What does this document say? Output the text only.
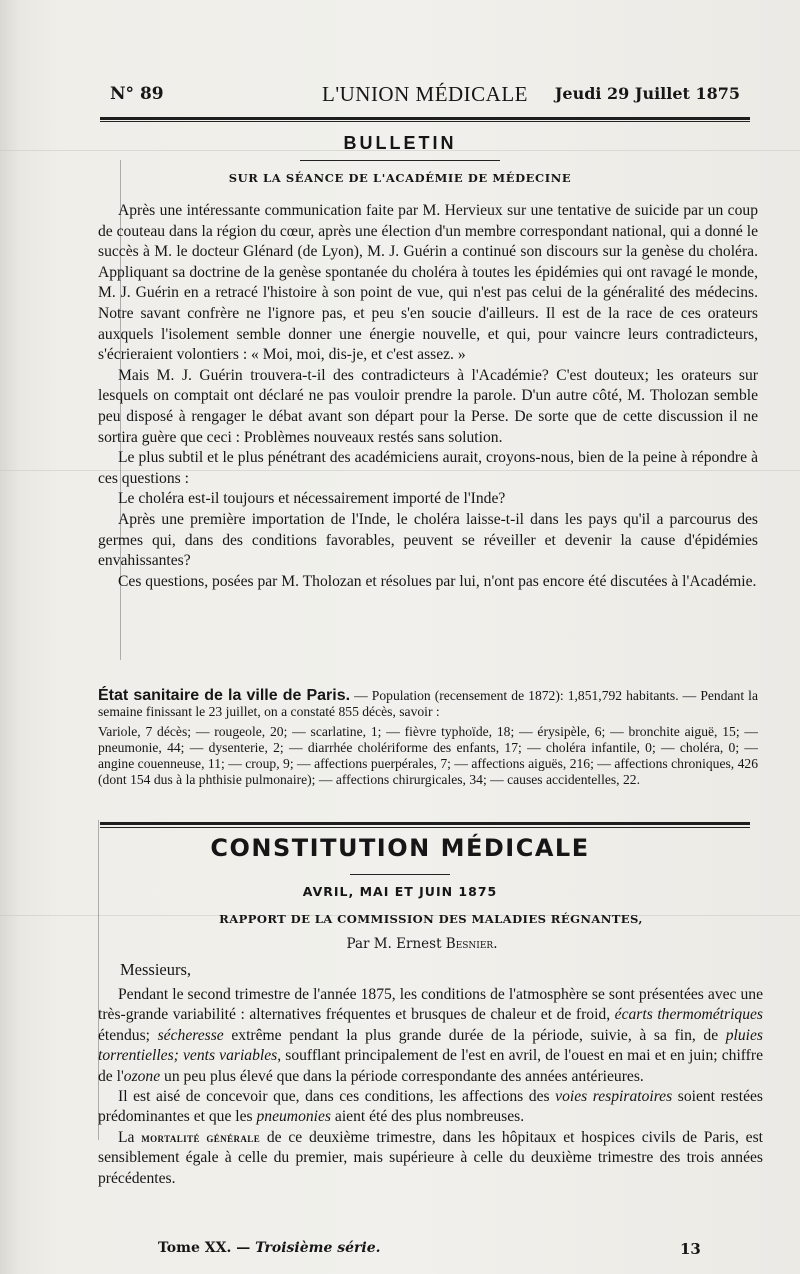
N° 89	L'UNION MÉDICALE Jeudi 29 Juillet 1875
BULLETIN
SUR LA SÉANCE DE L'ACADÉMIE DE MÉDECINE

Après une intéressante communication faite par M. Hervieux sur une tentative de suicide par un coup de couteau dans la région du cœur, après une élection d'un membre correspondant national, qui a donné le succès à M. le docteur Glénard (de Lyon), M. J. Guérin a continué son discours sur la genèse du choléra. Appliquant sa doctrine de la genèse spontanée du choléra à toutes les épidémies qui ont ravagé le monde, M. J. Guérin en a retracé l'histoire à son point de vue, qui n'est pas celui de la généralité des médecins. Notre savant confrère ne l'ignore pas, et peu s'en soucie d'ailleurs. Il est de la race de ces orateurs auxquels l'isolement semble donner une énergie nouvelle, et qui, pour vaincre leurs contradicteurs, s'écrieraient volontiers : « Moi, moi, dis-je, et c'est assez. »

Mais M. J. Guérin trouvera-t-il des contradicteurs à l'Académie? C'est douteux; les orateurs sur lesquels on comptait ont déclaré ne pas vouloir prendre la parole. D'un autre côté, M. Tholozan semble peu disposé à rengager le débat avant son départ pour la Perse. De sorte que de cette discussion il ne sortira guère que ceci : Problèmes nouveaux restés sans solution.

Le plus subtil et le plus pénétrant des académiciens aurait, croyons-nous, bien de la peine à répondre à ces questions :

Le choléra est-il toujours et nécessairement importé de l'Inde?

Après une première importation de l'Inde, le choléra laisse-t-il dans les pays qu'il a parcourus des germes qui, dans des conditions favorables, peuvent se réveiller et devenir la cause d'épidémies envahissantes?

Ces questions, posées par M. Tholozan et résolues par lui, n'ont pas encore été discutées à l'Académie.

État sanitaire de la ville de Paris. — Population (recensement de 1872): 1,851,792 habitants. — Pendant la semaine finissant le 23 juillet, on a constaté 855 décès, savoir :

Variole, 7 décès; — rougeole, 20; — scarlatine, 1; — fièvre typhoïde, 18; — érysipèle, 6; — bronchite aiguë, 15; — pneumonie, 44; — dysenterie, 2; — diarrhée cholériforme des enfants, 17; — choléra infantile, 0; — choléra, 0; — angine couenneuse, 11; — croup, 9; — affections puerpérales, 7; — affections aiguës, 216; — affections chroniques, 426 (dont 154 dus à la phthisie pulmonaire); — affections chirurgicales, 34; — causes accidentelles, 22.

CONSTITUTION MÉDICALE
AVRIL, MAI ET JUIN 1875
RAPPORT DE LA COMMISSION DES MALADIES RÉGNANTES,
Par M. Ernest Besnier.
Messieurs,

Pendant le second trimestre de l'année 1875, les conditions de l'atmosphère se sont présentées avec une très-grande variabilité : alternatives fréquentes et brusques de chaleur et de froid, écarts thermométriques étendus; sécheresse extrême pendant la plus grande durée de la période, suivie, à sa fin, de pluies torrentielles; vents variables, soufflant principalement de l'est en avril, de l'ouest en mai et en juin; chiffre de l'ozone un peu plus élevé que dans la période correspondante des années antérieures.

Il est aisé de concevoir que, dans ces conditions, les affections des voies respiratoires soient restées prédominantes et que les pneumonies aient été des plus nombreuses.

La mortalité générale de ce deuxième trimestre, dans les hôpitaux et hospices civils de Paris, est sensiblement égale à celle du premier, mais supérieure à celle du deuxième trimestre des trois années précédentes.

Tome XX. — Troisième série.	13
